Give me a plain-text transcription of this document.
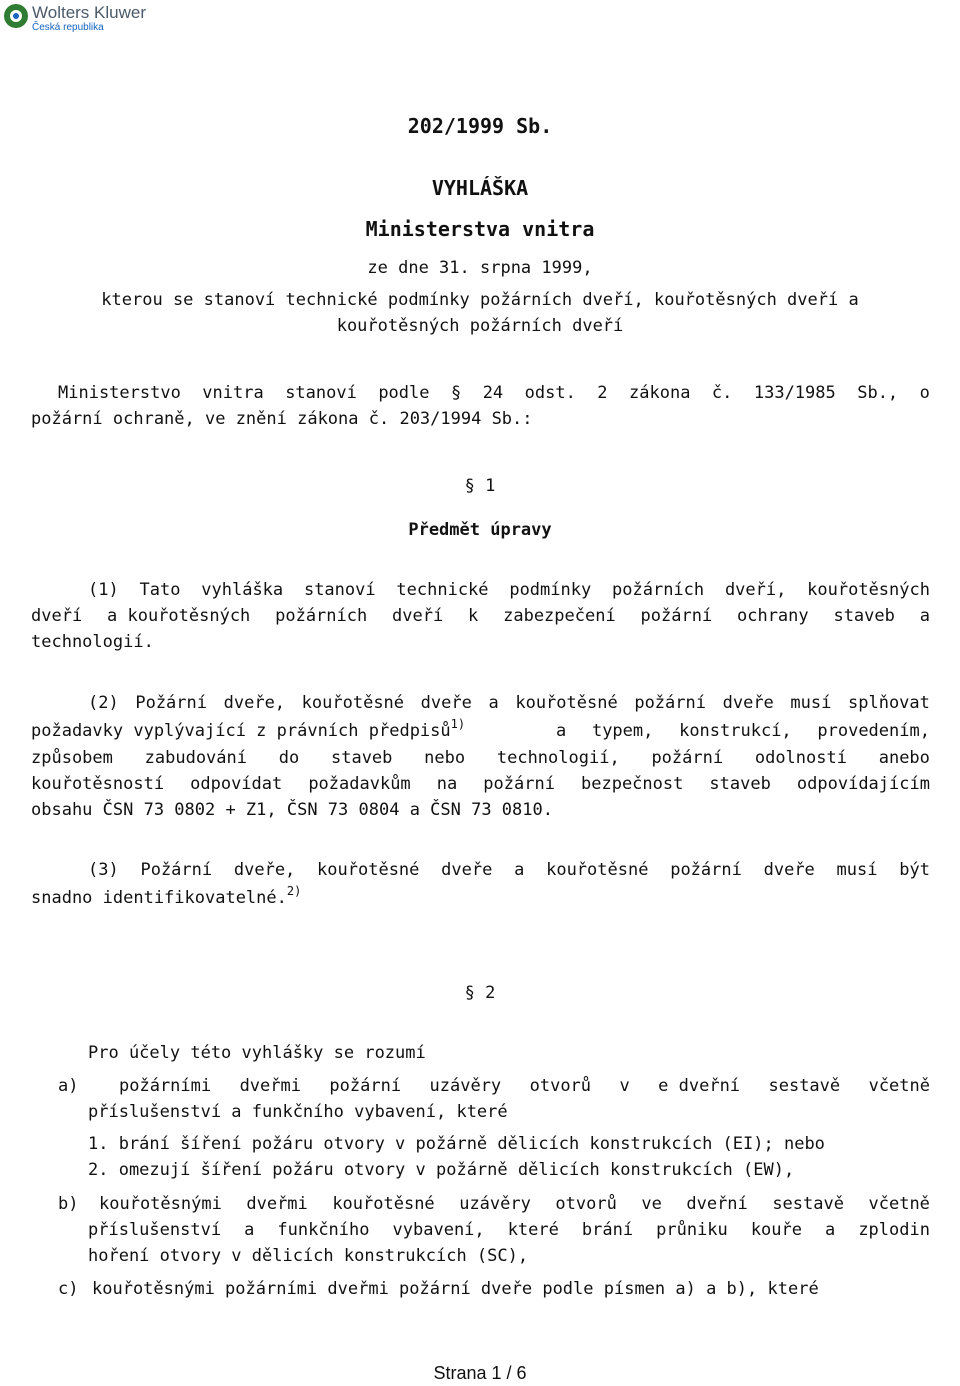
Wolters Kluwer
Česká republika
202/1999 Sb.
VYHLÁŠKA
Ministerstva vnitra
ze dne 31. srpna 1999,
kterou se stanoví technické podmínky požárních dveří, kouřotěsných dveří a
kouřotěsných požárních dveří
Ministerstvo vnitra stanoví podle § 24 odst. 2 zákona č. 133/1985 Sb., o
požární ochraně, ve znění zákona č. 203/1994 Sb.:
§ 1
Předmět úpravy
(1) Tato vyhláška stanoví technické podmínky požárních dveří, kouřotěsných
dveří a kouřotěsných požárních dveří k zabezpečení požární ochrany staveb a
technologií.
(2) Požární dveře, kouřotěsné dveře a kouřotěsné požární dveře musí splňovat
požadavky vyplývající z právních předpisů$^{1)}$	a typem, konstrukcí, provedením,
způsobem zabudování do staveb nebo technologií, požární odolností anebo
kouřotěsností odpovídat požadavkům na požární bezpečnost staveb odpovídajícím
obsahu ČSN 73 0802 + Z1, ČSN 73 0804 a ČSN 73 0810.
(3) Požární dveře, kouřotěsné dveře a kouřotěsné požární dveře musí být
snadno identifikovatelné.$^{2)}$
§ 2
Pro účely této vyhlášky se rozumí
a) požárními dveřmi požární uzávěry otvorů v e dveřní sestavě včetně
příslušenství a funkčního vybavení, které
1. brání šíření požáru otvory v požárně dělicích konstrukcích (EI); nebo
2. omezují šíření požáru otvory v požárně dělicích konstrukcích (EW),
b) kouřotěsnými dveřmi kouřotěsné uzávěry otvorů ve dveřní sestavě včetně
příslušenství a funkčního vybavení, které brání průniku kouře a zplodin
hoření otvory v dělicích konstrukcích (SC),
c) kouřotěsnými požárními dveřmi požární dveře podle písmen a) a b), které
Strana 1 / 6
